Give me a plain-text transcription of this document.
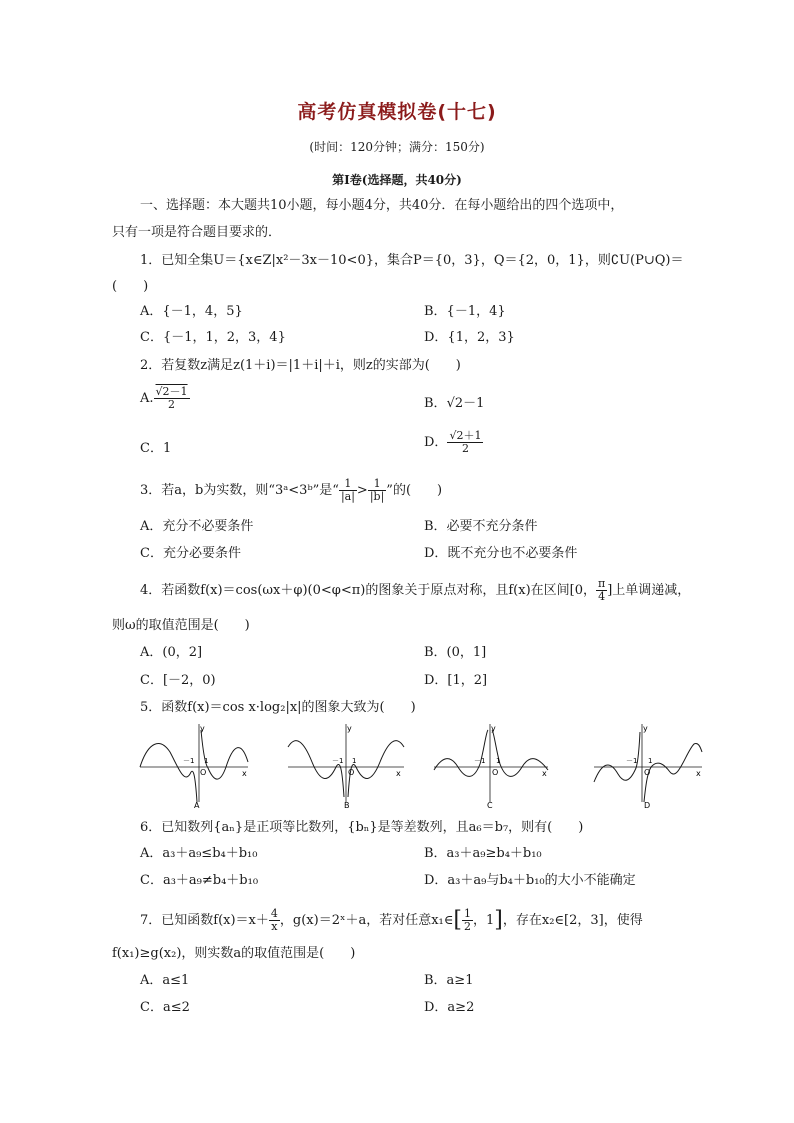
高考仿真模拟卷(十七)
(时间：120分钟；满分：150分)
第Ⅰ卷(选择题，共40分)
一、选择题：本大题共10小题，每小题4分，共40分．在每小题给出的四个选项中，
只有一项是符合题目要求的．
1．已知全集U＝{x∈Z|x²－3x－10<0}，集合P＝{0，3}，Q＝{2，0，1}，则∁U(P∪Q)＝
(　　)
A．{－1，4，5}	B．{－1，4}
C．{－1，1，2，3，4}	D．{1，2，3}
2．若复数z满足z(1＋i)＝|1＋i|＋i，则z的实部为(　　)
A. $\frac{√2-1}{2}$	B．√2－1
C．1	D． $\frac{√2+1}{2}$
3．若a，b为实数，则“3ᵃ<3ᵇ”是“ $\frac{1}{|a|} > \frac{1}{|b|}$ ”的(　　)
A．充分不必要条件	B．必要不充分条件
C．充分必要条件	D．既不充分也不必要条件
4．若函数f(x)＝cos(ωx＋φ)(0<φ<π)的图象关于原点对称，且f(x)在区间[0， $\frac{\pi}{4}$ ]上单调递减，
则ω的取值范围是(　　)
A．(0，2]	B．(0，1]
C．[－2，0)	D．[1，2]
5．函数f(x)＝cos x·log₂|x|的图象大致为(　　)
y
x
O
－1 1
A
y
x
O
－1 1
B
y
x
O
－1 1
C
y
x
O
－1 1
D
6．已知数列{aₙ}是正项等比数列，{bₙ}是等差数列，且a₆＝b₇，则有(　　)
A．a₃＋a₉≤b₄＋b₁₀	B．a₃＋a₉≥b₄＋b₁₀
C．a₃＋a₉≠b₄＋b₁₀	D．a₃＋a₉与b₄＋b₁₀的大小不能确定
7．已知函数$f(x)=x+ \frac{4}{x}$ ，g(x)＝2ˣ＋a，若对任意x₁∈[ $\frac{1}{2}$ ，1]，存在x₂∈[2，3]，使得
f(x₁)≥g(x₂)，则实数a的取值范围是(　　)
A．a≤1	B．a≥1
C．a≤2	D．a≥2
